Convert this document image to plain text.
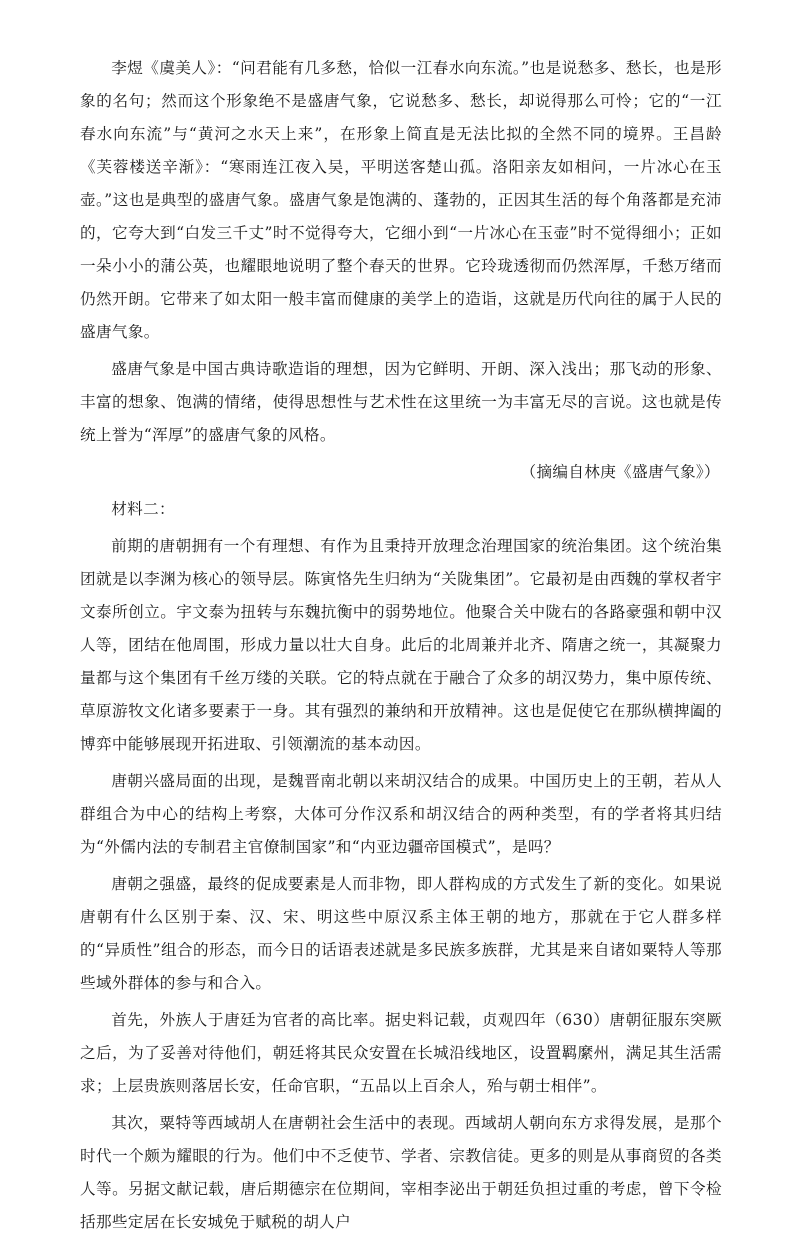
李煜《虞美人》：“问君能有几多愁，恰似一江春水向东流。”也是说愁多、愁长，也是形象的名句；然而这个形象绝不是盛唐气象，它说愁多、愁长，却说得那么可怜；它的“一江春水向东流”与“黄河之水天上来”，在形象上简直是无法比拟的全然不同的境界。王昌龄《芙蓉楼送辛渐》：“寒雨连江夜入吴，平明送客楚山孤。洛阳亲友如相问，一片冰心在玉壶。”这也是典型的盛唐气象。盛唐气象是饱满的、蓬勃的，正因其生活的每个角落都是充沛的，它夸大到“白发三千丈”时不觉得夸大，它细小到“一片冰心在玉壶”时不觉得细小；正如一朵小小的蒲公英，也耀眼地说明了整个春天的世界。它玲珑透彻而仍然浑厚，千愁万绪而仍然开朗。它带来了如太阳一般丰富而健康的美学上的造诣，这就是历代向往的属于人民的盛唐气象。

盛唐气象是中国古典诗歌造诣的理想，因为它鲜明、开朗、深入浅出；那飞动的形象、丰富的想象、饱满的情绪，使得思想性与艺术性在这里统一为丰富无尽的言说。这也就是传统上誉为“浑厚”的盛唐气象的风格。

（摘编自林庚《盛唐气象》）

材料二：

前期的唐朝拥有一个有理想、有作为且秉持开放理念治理国家的统治集团。这个统治集团就是以李渊为核心的领导层。陈寅恪先生归纳为“关陇集团”。它最初是由西魏的掌权者宇文泰所创立。宇文泰为扭转与东魏抗衡中的弱势地位。他聚合关中陇右的各路豪强和朝中汉人等，团结在他周围，形成力量以壮大自身。此后的北周兼并北齐、隋唐之统一，其凝聚力量都与这个集团有千丝万缕的关联。它的特点就在于融合了众多的胡汉势力，集中原传统、草原游牧文化诸多要素于一身。其有强烈的兼纳和开放精神。这也是促使它在那纵横捭阖的博弈中能够展现开拓进取、引领潮流的基本动因。

唐朝兴盛局面的出现，是魏晋南北朝以来胡汉结合的成果。中国历史上的王朝，若从人群组合为中心的结构上考察，大体可分作汉系和胡汉结合的两种类型，有的学者将其归结为“外儒内法的专制君主官僚制国家”和“内亚边疆帝国模式”，是吗？

唐朝之强盛，最终的促成要素是人而非物，即人群构成的方式发生了新的变化。如果说唐朝有什么区别于秦、汉、宋、明这些中原汉系主体王朝的地方，那就在于它人群多样的“异质性”组合的形态，而今日的话语表述就是多民族多族群，尤其是来自诸如粟特人等那些域外群体的参与和合入。

首先，外族人于唐廷为官者的高比率。据史料记载，贞观四年（630）唐朝征服东突厥之后，为了妥善对待他们，朝廷将其民众安置在长城沿线地区，设置羁縻州，满足其生活需求；上层贵族则落居长安，任命官职，“五品以上百余人，殆与朝士相伴”。

其次，粟特等西域胡人在唐朝社会生活中的表现。西域胡人朝向东方求得发展，是那个时代一个颇为耀眼的行为。他们中不乏使节、学者、宗教信徒。更多的则是从事商贸的各类人等。另据文献记载，唐后期德宗在位期间，宰相李泌出于朝廷负担过重的考虑，曾下令检括那些定居在长安城免于赋税的胡人户
